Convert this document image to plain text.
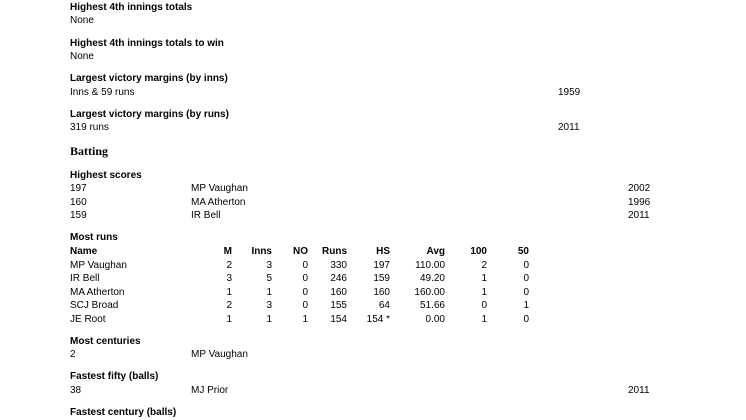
Highest 4th innings totals
None
Highest 4th innings totals to win
None
Largest victory margins (by inns)
Inns & 59 runs	1959
Largest victory margins (by runs)
319 runs	2011
Batting
Highest scores
197	MP Vaughan	2002
160	MA Atherton	1996
159	IR Bell	2011
Most runs
Name	M	Inns	NO	Runs	HS	Avg	100	50
MP Vaughan	2	3	0	330	197	110.00	2	0
IR Bell	3	5	0	246	159	49.20	1	0
MA Atherton	1	1	0	160	160	160.00	1	0
SCJ Broad	2	3	0	155	64	51.66	0	1
JE Root	1	1	1	154	154 *	0.00	1	0
Most centuries
2	MP Vaughan
Fastest fifty (balls)
38	MJ Prior	2011
Fastest century (balls)
